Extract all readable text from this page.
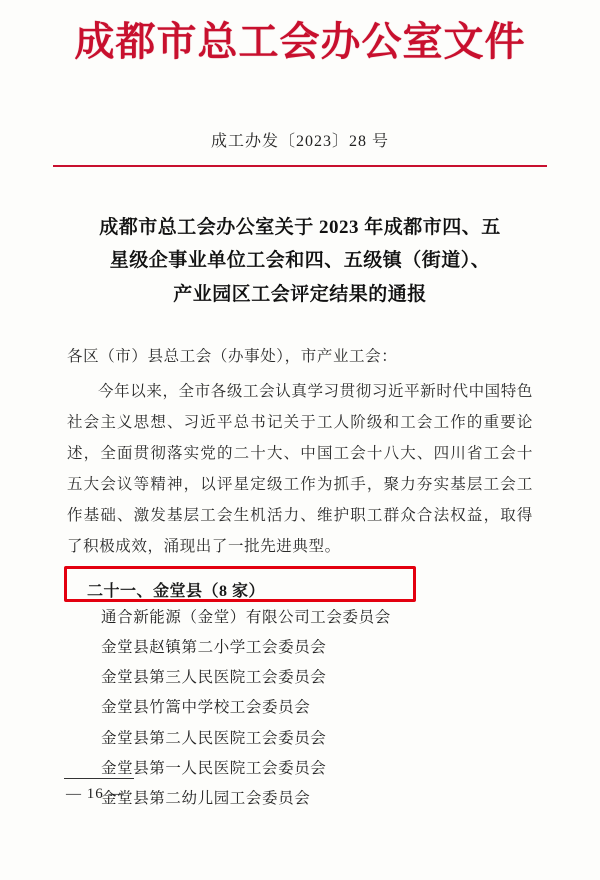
成都市总工会办公室文件
成工办发〔2023〕28 号
成都市总工会办公室关于 2023 年成都市四、五
星级企事业单位工会和四、五级镇（街道）、
产业园区工会评定结果的通报

各区（市）县总工会（办事处），市产业工会：

今年以来，全市各级工会认真学习贯彻习近平新时代中国特色社会主义思想、习近平总书记关于工人阶级和工会工作的重要论述，全面贯彻落实党的二十大、中国工会十八大、四川省工会十五大会议等精神，以评星定级工作为抓手，聚力夯实基层工会工作基础、激发基层工会生机活力、维护职工群众合法权益，取得了积极成效，涌现出了一批先进典型。

二十一、金堂县（8 家）
通合新能源（金堂）有限公司工会委员会
金堂县赵镇第二小学工会委员会
金堂县第三人民医院工会委员会
金堂县竹篙中学校工会委员会
金堂县第二人民医院工会委员会
金堂县第一人民医院工会委员会
金堂县第二幼儿园工会委员会
— 16 —
